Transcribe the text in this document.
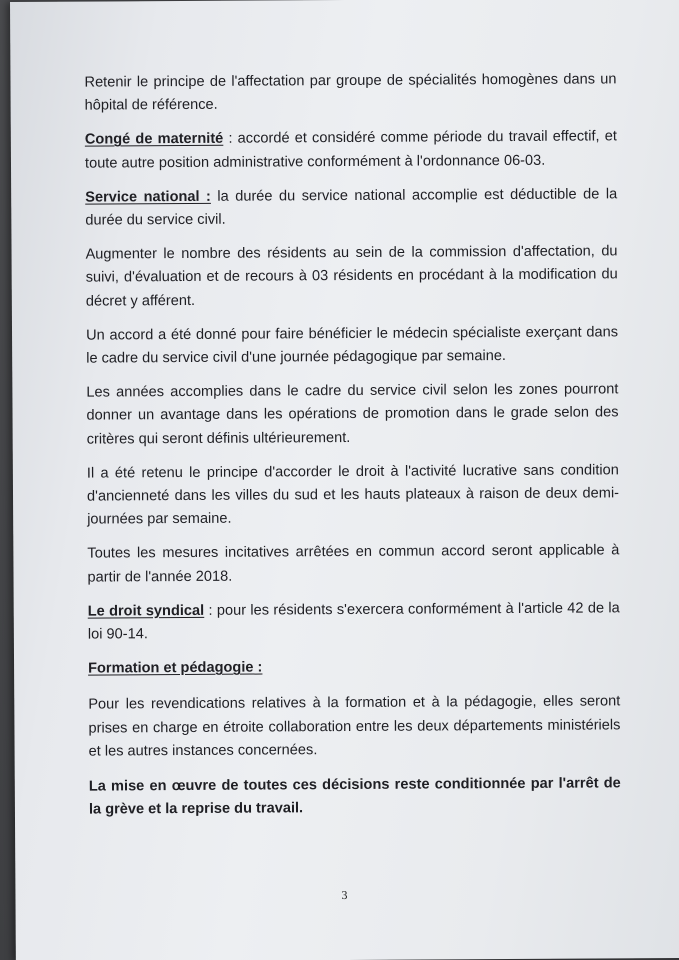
Retenir le principe de l'affectation par groupe de spécialités homogènes dans un hôpital de référence.

Congé de maternité : accordé et considéré comme période du travail effectif, et toute autre position administrative conformément à l'ordonnance 06-03.

Service national : la durée du service national accomplie est déductible de la durée du service civil.

Augmenter le nombre des résidents au sein de la commission d'affectation, du suivi, d'évaluation et de recours à 03 résidents en procédant à la modification du décret y afférent.

Un accord a été donné pour faire bénéficier le médecin spécialiste exerçant dans le cadre du service civil d'une journée pédagogique par semaine.

Les années accomplies dans le cadre du service civil selon les zones pourront donner un avantage dans les opérations de promotion dans le grade selon des critères qui seront définis ultérieurement.

Il a été retenu le principe d'accorder le droit à l'activité lucrative sans condition d'ancienneté dans les villes du sud et les hauts plateaux à raison de deux demi-journées par semaine.

Toutes les mesures incitatives arrêtées en commun accord seront applicable à partir de l'année 2018.

Le droit syndical : pour les résidents s'exercera conformément à l'article 42 de la loi 90-14.

Formation et pédagogie :

Pour les revendications relatives à la formation et à la pédagogie, elles seront prises en charge en étroite collaboration entre les deux départements ministériels et les autres instances concernées.

La mise en œuvre de toutes ces décisions reste conditionnée par l'arrêt de la grève et la reprise du travail.

3
